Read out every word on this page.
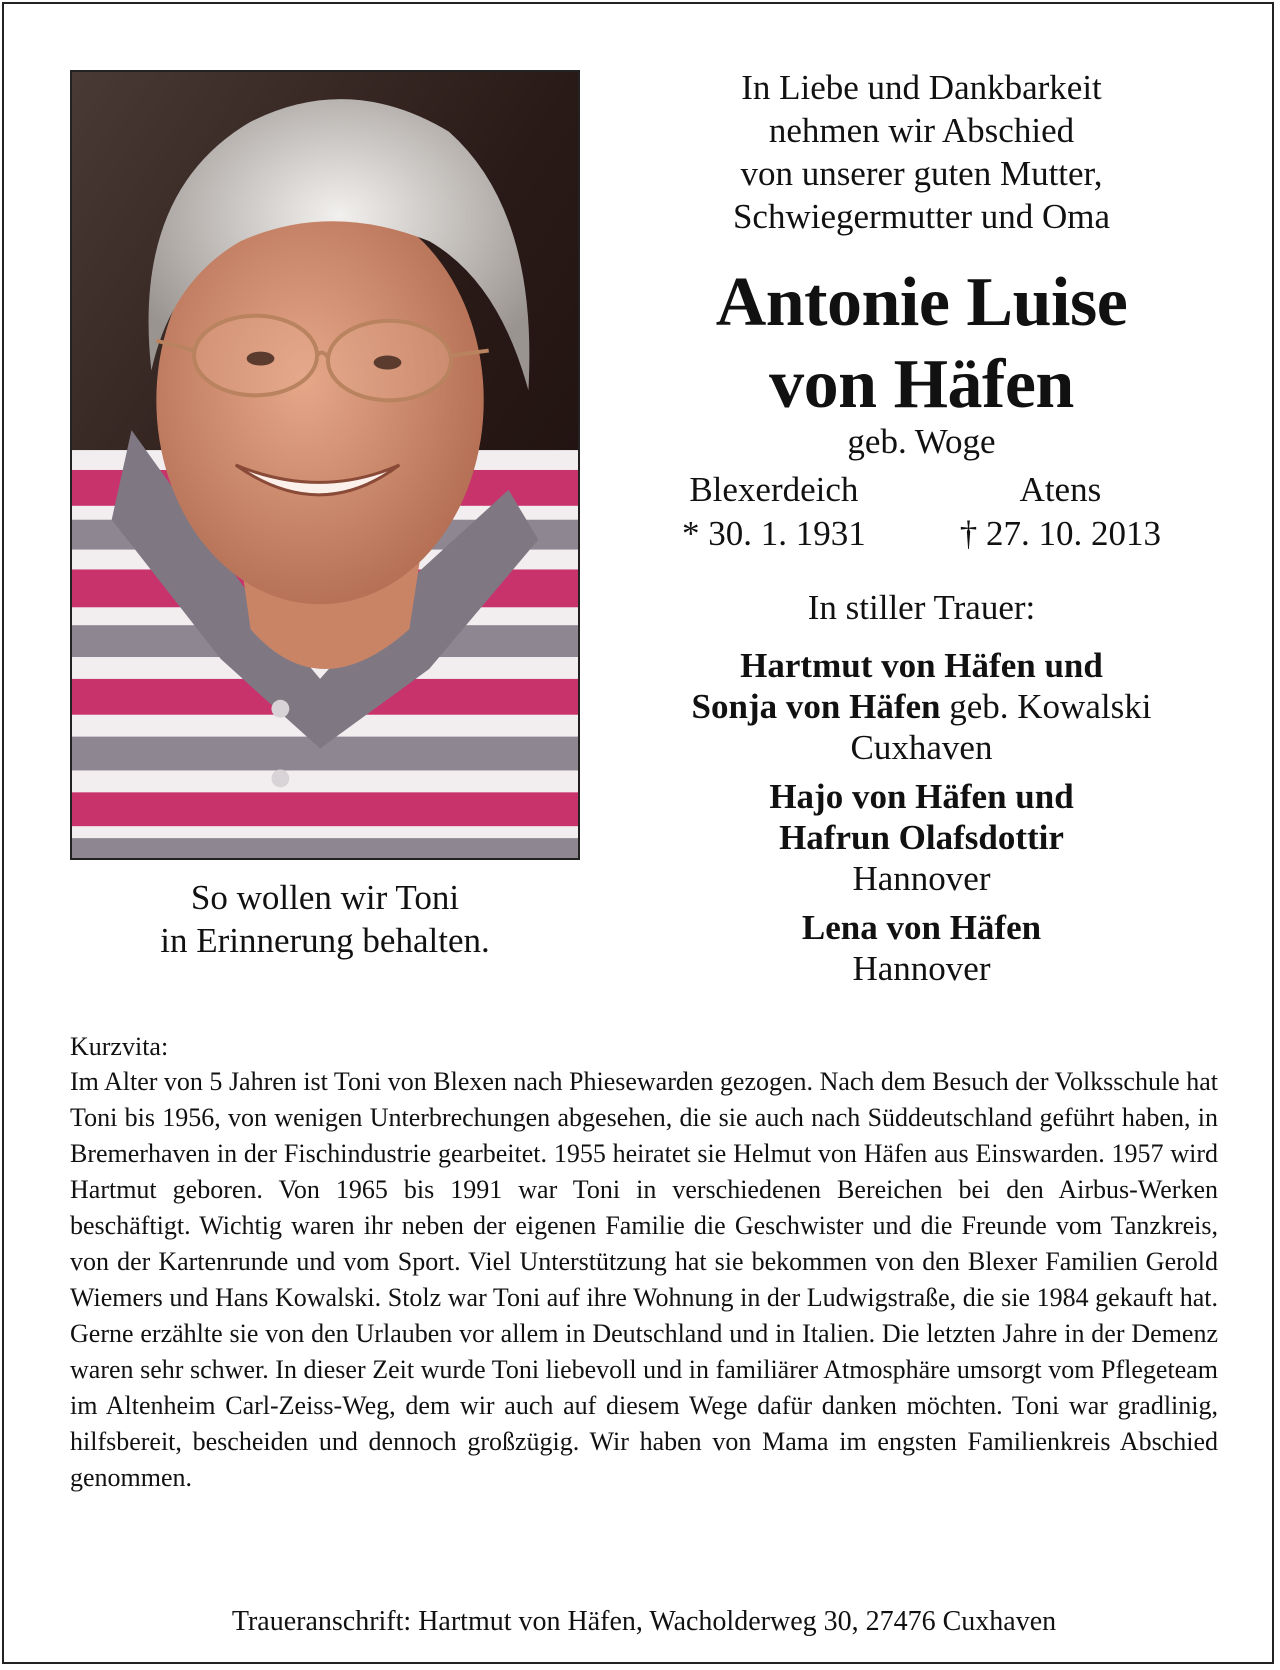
So wollen wir Toni
in Erinnerung behalten.
In Liebe und Dankbarkeit
nehmen wir Abschied
von unserer guten Mutter,
Schwiegermutter und Oma
Antonie Luise
von Häfen
geb. Woge
Blexerdeich
* 30. 1. 1931
Atens
† 27. 10. 2013
In stiller Trauer:
Hartmut von Häfen und
Sonja von Häfen geb. Kowalski
Cuxhaven
Hajo von Häfen und
Hafrun Olafsdottir
Hannover
Lena von Häfen
Hannover
Kurzvita:
Im Alter von 5 Jahren ist Toni von Blexen nach Phiesewarden gezogen. Nach dem Besuch der Volksschule hat Toni bis 1956, von wenigen Unterbrechungen abgesehen, die sie auch nach Süddeutschland geführt haben, in Bremerhaven in der Fischindustrie gearbeitet. 1955 heiratet sie Helmut von Häfen aus Einswarden. 1957 wird Hartmut geboren. Von 1965 bis 1991 war Toni in verschiedenen Bereichen bei den Airbus-Werken beschäftigt. Wichtig waren ihr neben der eigenen Familie die Geschwister und die Freunde vom Tanzkreis, von der Kartenrunde und vom Sport. Viel Unterstützung hat sie bekommen von den Blexer Familien Gerold Wiemers und Hans Kowalski. Stolz war Toni auf ihre Wohnung in der Ludwigstraße, die sie 1984 gekauft hat. Gerne erzählte sie von den Urlauben vor allem in Deutschland und in Italien. Die letzten Jahre in der Demenz waren sehr schwer. In dieser Zeit wurde Toni liebevoll und in familiärer Atmosphäre umsorgt vom Pflegeteam im Altenheim Carl-Zeiss-Weg, dem wir auch auf diesem Wege dafür danken möchten. Toni war gradlinig, hilfsbereit, bescheiden und dennoch großzügig. Wir haben von Mama im engsten Familienkreis Abschied genommen.
Traueranschrift: Hartmut von Häfen, Wacholderweg 30, 27476 Cuxhaven
